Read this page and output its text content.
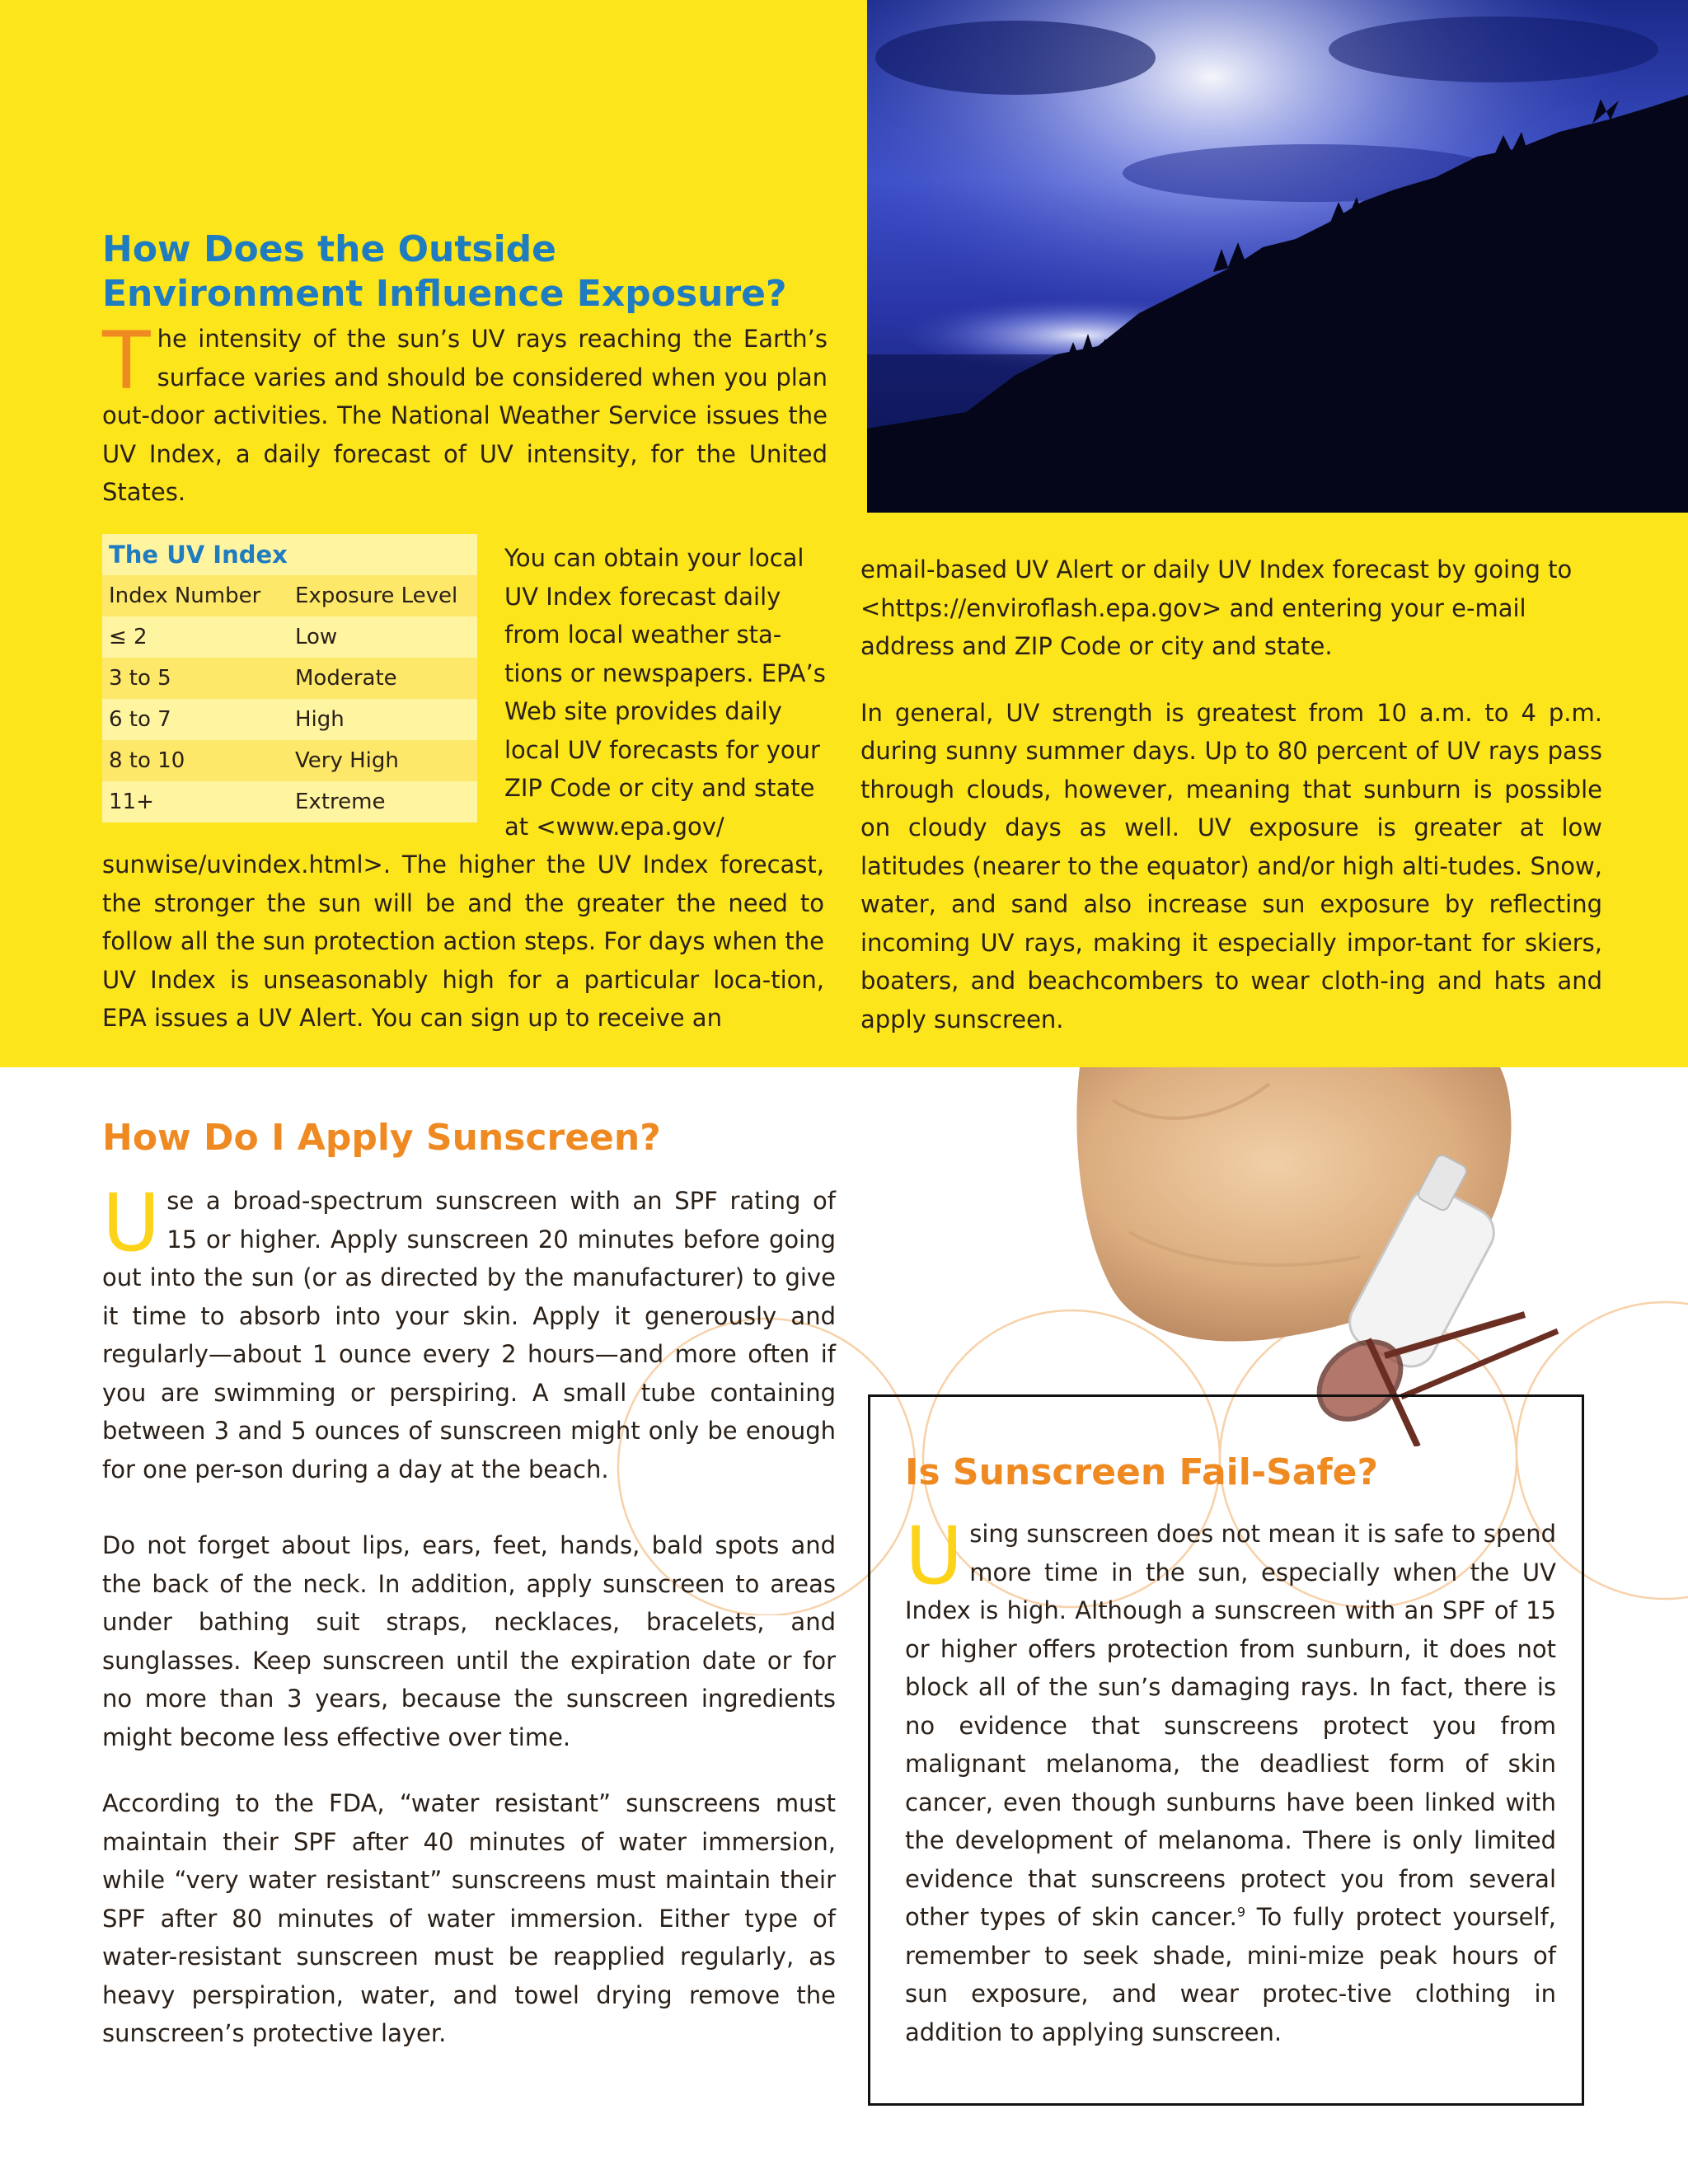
How Does the Outside
Environment Influence Exposure?
T he intensity of the sun’s UV rays reaching the Earth’s surface varies and should be considered when you plan out-door activities. The National Weather Service issues the UV Index, a daily forecast of UV intensity, for the United States.
The UV Index
Index Number	Exposure Level
≤ 2	Low
3 to 5	Moderate
6 to 7	High
8 to 10	Very High
11+	Extreme
You can obtain your local UV Index forecast daily from local weather sta-tions or newspapers. EPA’s Web site provides daily local UV forecasts for your ZIP Code or city and state at <www.epa.gov/
sunwise/uvindex.html>. The higher the UV Index forecast, the stronger the sun will be and the greater the need to follow all the sun protection action steps. For days when the UV Index is unseasonably high for a particular loca-tion, EPA issues a UV Alert. You can sign up to receive an

email-based UV Alert or daily UV Index forecast by going to <https://enviroflash.epa.gov> and entering your e-mail address and ZIP Code or city and state.

In general, UV strength is greatest from 10 a.m. to 4 p.m. during sunny summer days. Up to 80 percent of UV rays pass through clouds, however, meaning that sunburn is possible on cloudy days as well. UV exposure is greater at low latitudes (nearer to the equator) and/or high alti-tudes. Snow, water, and sand also increase sun exposure by reflecting incoming UV rays, making it especially impor-tant for skiers, boaters, and beachcombers to wear cloth-ing and hats and apply sunscreen.

How Do I Apply Sunscreen?

U se a broad-spectrum sunscreen with an SPF rating of 15 or higher. Apply sunscreen 20 minutes before going out into the sun (or as directed by the manufacturer) to give it time to absorb into your skin. Apply it generously and regularly—about 1 ounce every 2 hours—and more often if you are swimming or perspiring. A small tube containing between 3 and 5 ounces of sunscreen might only be enough for one per-son during a day at the beach.

Do not forget about lips, ears, feet, hands, bald spots and the back of the neck. In addition, apply sunscreen to areas under bathing suit straps, necklaces, bracelets, and sunglasses. Keep sunscreen until the expiration date or for no more than 3 years, because the sunscreen ingredients might become less effective over time.

According to the FDA, “water resistant” sunscreens must maintain their SPF after 40 minutes of water immersion, while “very water resistant” sunscreens must maintain their SPF after 80 minutes of water immersion. Either type of water-resistant sunscreen must be reapplied regularly, as heavy perspiration, water, and towel drying remove the sunscreen’s protective layer.

Is Sunscreen Fail-Safe?
U sing sunscreen does not mean it is safe to spend more time in the sun, especially when the UV Index is high. Although a sunscreen with an SPF of 15 or higher offers protection from sunburn, it does not block all of the sun’s damaging rays. In fact, there is no evidence that sunscreens protect you from malignant melanoma, the deadliest form of skin cancer, even though sunburns have been linked with the development of melanoma. There is only limited evidence that sunscreens protect you from several other types of skin cancer.$^9$ To fully protect yourself, remember to seek shade, mini-mize peak hours of sun exposure, and wear protec-tive clothing in addition to applying sunscreen.
